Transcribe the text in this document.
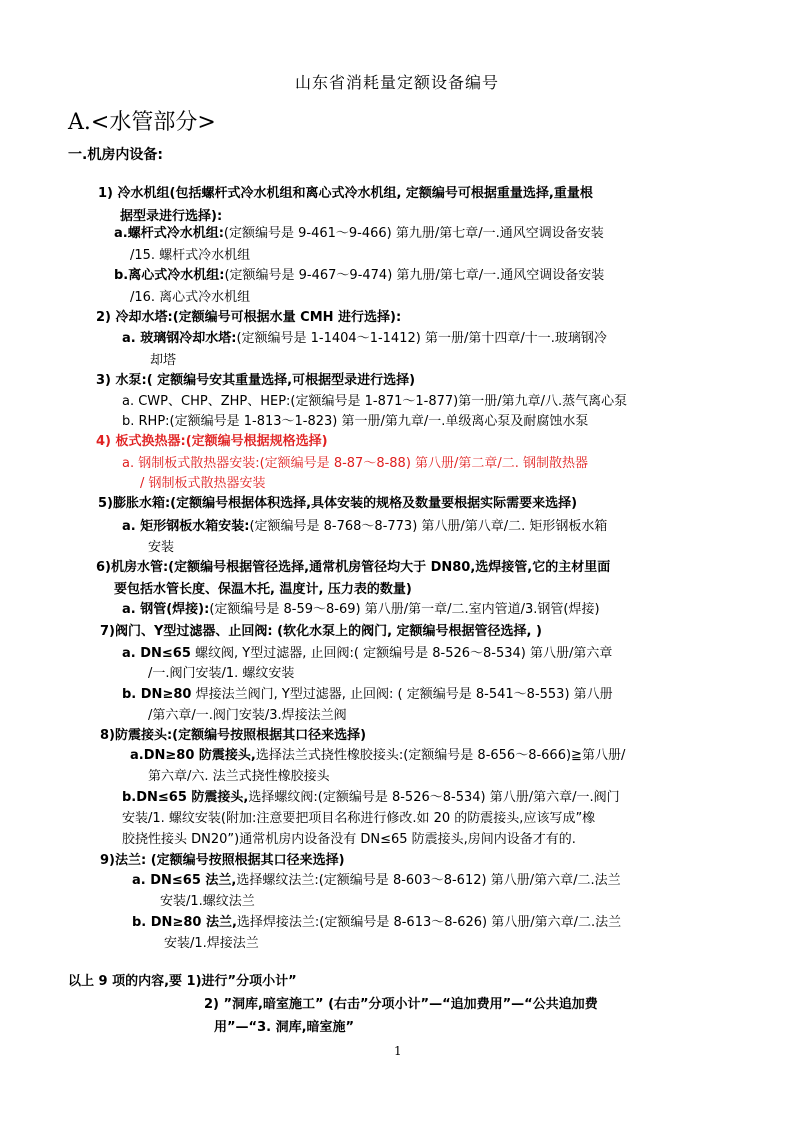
山东省消耗量定额设备编号
A.<水管部分>
一.机房内设备:
1) 冷水机组(包括螺杆式冷水机组和离心式冷水机组, 定额编号可根据重量选择,重量根
据型录进行选择):
a.螺杆式冷水机组:(定额编号是 9-461～9-466) 第九册/第七章/一.通风空调设备安装
/15. 螺杆式冷水机组
b.离心式冷水机组:(定额编号是 9-467～9-474) 第九册/第七章/一.通风空调设备安装
/16. 离心式冷水机组
2) 冷却水塔:(定额编号可根据水量 CMH 进行选择):
a. 玻璃钢冷却水塔:(定额编号是 1-1404～1-1412) 第一册/第十四章/十一.玻璃钢冷
却塔
3) 水泵:( 定额编号安其重量选择,可根据型录进行选择)
a. CWP、CHP、ZHP、HEP:(定额编号是 1-871～1-877)第一册/第九章/八.蒸气离心泵
b. RHP:(定额编号是 1-813～1-823) 第一册/第九章/一.单级离心泵及耐腐蚀水泵
4) 板式换热器:(定额编号根据规格选择)
a. 钢制板式散热器安装:(定额编号是 8-87～8-88) 第八册/第二章/二. 钢制散热器
/ 钢制板式散热器安装
5)膨胀水箱:(定额编号根据体积选择,具体安装的规格及数量要根据实际需要来选择)
a. 矩形钢板水箱安装:(定额编号是 8-768～8-773) 第八册/第八章/二. 矩形钢板水箱
安装
6)机房水管:(定额编号根据管径选择,通常机房管径均大于 DN80,选焊接管,它的主材里面
要包括水管长度、保温木托, 温度计, 压力表的数量)
a. 钢管(焊接):(定额编号是 8-59～8-69) 第八册/第一章/二.室内管道/3.钢管(焊接)
7)阀门、Y型过滤器、止回阀: (软化水泵上的阀门, 定额编号根据管径选择, )
a. DN≤65 螺纹阀, Y型过滤器, 止回阀:( 定额编号是 8-526～8-534) 第八册/第六章
/一.阀门安装/1. 螺纹安装
b. DN≥80 焊接法兰阀门, Y型过滤器, 止回阀: ( 定额编号是 8-541～8-553) 第八册
/第六章/一.阀门安装/3.焊接法兰阀
8)防震接头:(定额编号按照根据其口径来选择)
a.DN≥80 防震接头,选择法兰式挠性橡胶接头:(定额编号是 8-656～8-666)≧第八册/
第六章/六. 法兰式挠性橡胶接头
b.DN≤65 防震接头,选择螺纹阀:(定额编号是 8-526～8-534) 第八册/第六章/一.阀门
安装/1. 螺纹安装(附加:注意要把项目名称进行修改.如 20 的防震接头,应该写成”橡
胶挠性接头 DN20”)通常机房内设备没有 DN≤65 防震接头,房间内设备才有的.
9)法兰: (定额编号按照根据其口径来选择)
a. DN≤65 法兰,选择螺纹法兰:(定额编号是 8-603～8-612) 第八册/第六章/二.法兰
安装/1.螺纹法兰
b. DN≥80 法兰,选择焊接法兰:(定额编号是 8-613～8-626) 第八册/第六章/二.法兰
安装/1.焊接法兰
以上 9 项的内容,要 1)进行”分项小计”
2) ”洞库,暗室施工” (右击”分项小计”—“追加费用”—“公共追加费
用”—“3. 洞库,暗室施”
1
